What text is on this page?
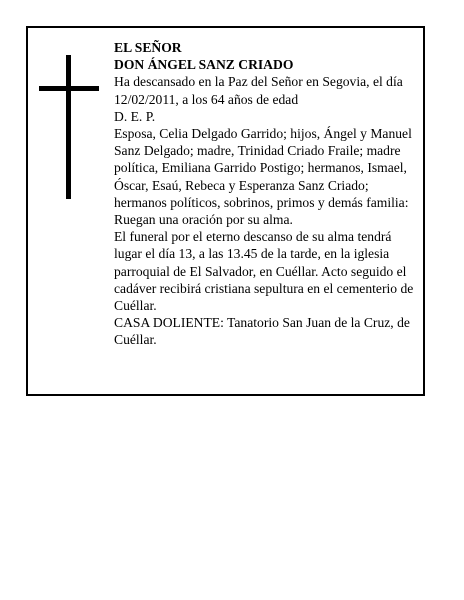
EL SEÑOR

DON ÁNGEL SANZ CRIADO

Ha descansado en la Paz del Señor en Segovia, el día 12/02/2011, a los 64 años de edad

D. E. P.

Esposa, Celia Delgado Garrido; hijos, Ángel y Manuel Sanz Delgado; madre, Trinidad Criado Fraile; madre política, Emiliana Garrido Postigo; hermanos, Ismael, Óscar, Esaú, Rebeca y Esperanza Sanz Criado; hermanos políticos, sobrinos, primos y demás familia:

Ruegan una oración por su alma.

El funeral por el eterno descanso de su alma tendrá lugar el día 13, a las 13.45 de la tarde, en la iglesia parroquial de El Salvador, en Cuéllar. Acto seguido el cadáver recibirá cristiana sepultura en el cementerio de Cuéllar.

CASA DOLIENTE: Tanatorio San Juan de la Cruz, de Cuéllar.
